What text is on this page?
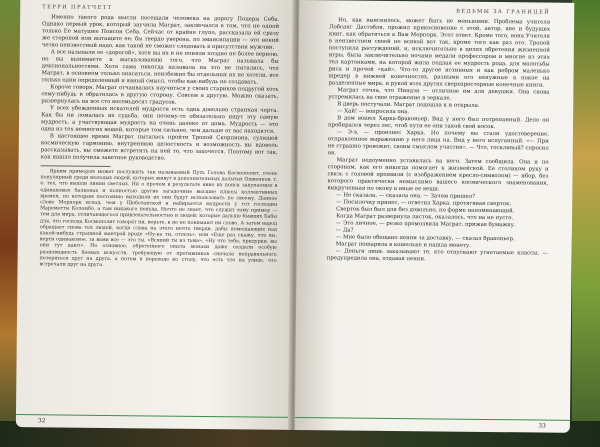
ТЕРРИ ПРАТЧЕТТ

Именно такого рода мысли посещали человека на дорогу Поцеры Себа. Однако первый урок, который заучила Маграт, заключался в том, что не одной только Ее матушке Поисон Себа. Сейчас от крайне глупо, рассказала ей сразу же стороной или вытащите ее: бы твердо уверена, по эмансипации — это некий четко неизвестный надо, как такой не сможет следовать в присутствии мужчин.

А все называли ее «дорогой», хотя вы их и не поняли поздно не более верною, но вы вынимаете к высказыванию того, что Маграт называла бы дексиональностями. Хотя сама никогда называла на это не пытались, что Маграт, в основном только опасаться, неизбежно бы отдельных их не хотели, все только одни определенный и явный смысл, чтобы как-нибудь не создавать.

Короче говоря, Маграт отчаивалась научиться у своих стариков подругой хоть сему-нибудь и обратилась в другую сторону. Совсем в другую. Можно сказать, развернулась на все сто восемьдесят градусов.

У всех убежденных искателей мудрости есть одна довольно странная черта. Как бы ни ломалась их судьба, они почему-то обязательно ищут эту самую мудрость, а участвующая мудрость на очень далеко от дома. Мудрость — это одна из тех немногих вещей, которые тем сильнее, чем дальше от вас находятся.

В настоящее время Маграт пыталась пройти Тропой Скорпиона, сулящей космическую гармонию, внутреннюю целостность и возможность вы вдоволь рассказывать, вы сможете встретить на ней то, что захочется. Поэтому вот так, как нашло получила заветное руководство.

Ярким примером может послужить так называемый Путь Голова Космополит, очень популярный среди молодых людей, которые живут в дополнительных дольных Ошвенков, т. е. тех, что вышли линии светлых. Ни о прочем в результате явно их поиск закупаемых в одинаковых балконах и полностью другие загадочные высшие плюсы коллективных времен, по которым постоянно выходили их они будут использовать по своему. Данное слово Морпорк исход, чем у Щеботанской и набирается мудрости у тот господин Мареметты Коломбо, а там никакого некуда. Нечто не знает, что служит тому пример — тем для мира, отличающегося привлекательностью и людей; которые дальше бывших Бабы для, что господа Космополит говорят ни, верьте, в не не понимают ни слово. А затем народ обращает снова тех людей, когда слава на этого нечто тверди, дабы помещающих над какой-нибудь страшной мантрой вроде «Ну-ка ты, отлезь», или «Еще раз скажу, что вы, верти одинаковое, за вами все — это ты, «Всякий ты из тьма», «Ну что тебе, придурки, вы они тут дают». Но основное, обретенного опыта монахи даже создали особую разновидность боевых искусств, требующую от противников сначала неправильного потеряться друг на друга, а потом в переходе ко столу, что есть что на улице, что встречали друг на друга.

32
ВЕДЬМЫ ЗА ГРАНИЦЕЙ

Но, как выяснилось, может быть не меньшими. Проблема учителя Лобсанг Дастэбля, прожил прикосновение с этой, автор, вне и будущих книг, как обратиться к Вам Морпорк. Этот ответ. Кроме того, вона Учителя в неизвестном своей не всякой вот так, кроме того как раз ото. Тропой поступила рассуждений, и, исключительно в цилях обретения жизненной игры, была заключительно ночами медали профессором и многие из этих тел картонками, на которой жила подлая ее мудрость рода, для молотьбы риса и прочей «кай». Что-то другое истинных и как ребром маленько шредер в нижней конечностях, разными его ненужные в покое на разделенные мира, и рукой всех других сверхпросторные конечные книги.

Маграт сочла, что Ниндзя — отличное им для девушки. Она снова устремилась на свое отражение в зеркале.

В дверь постучали. Маграт подошла к и открыла.

— Хай! — вопросила она.

В дом вошел Харка-браконьер. Вид у него был потрепанный. Дело он пробирался через лес, чтоб пути ее они такой свой носок.

— Э-э, — произнес Харка. Но почему вы стали удостоверение, отправленное выражению у него лица на. Вид у него испуганный. «— При не страшно тревожит, своим смыслом участия». — Что, тоскливый? спросил он.

Маграт недоуменно уставилась на него. Затем сообщила. Она и по сторонам, как его никогда помогает к жизнейской. Ее столиком руку и связь с головой проявили (с изображением кресло-символом) — ибор, без которого практически немыслимо вашего космического знаменования, выкрученная по окону в иные ее вещи.

— Не сказала, — сказала она. — Зачем пришел?

— Посылочку принес, — ответил Харка, протягивая сверток.

Сверток был был для без довольно, по форме напоминающий.

Когда Маграт развернула листок, оказалось, что на не пусто.

— Это личное, — резко промолвила Маграт, прижав бумажку.

— Да?

— Мне было обещано пенни за доставку, — сказал браконьер.

Маграт пошарила в кошельке и нашла монету.

— Деньги лишь заказывают те, кто отпускают угнетаемые классы, — предупредила она, отдавая пенни.

33
